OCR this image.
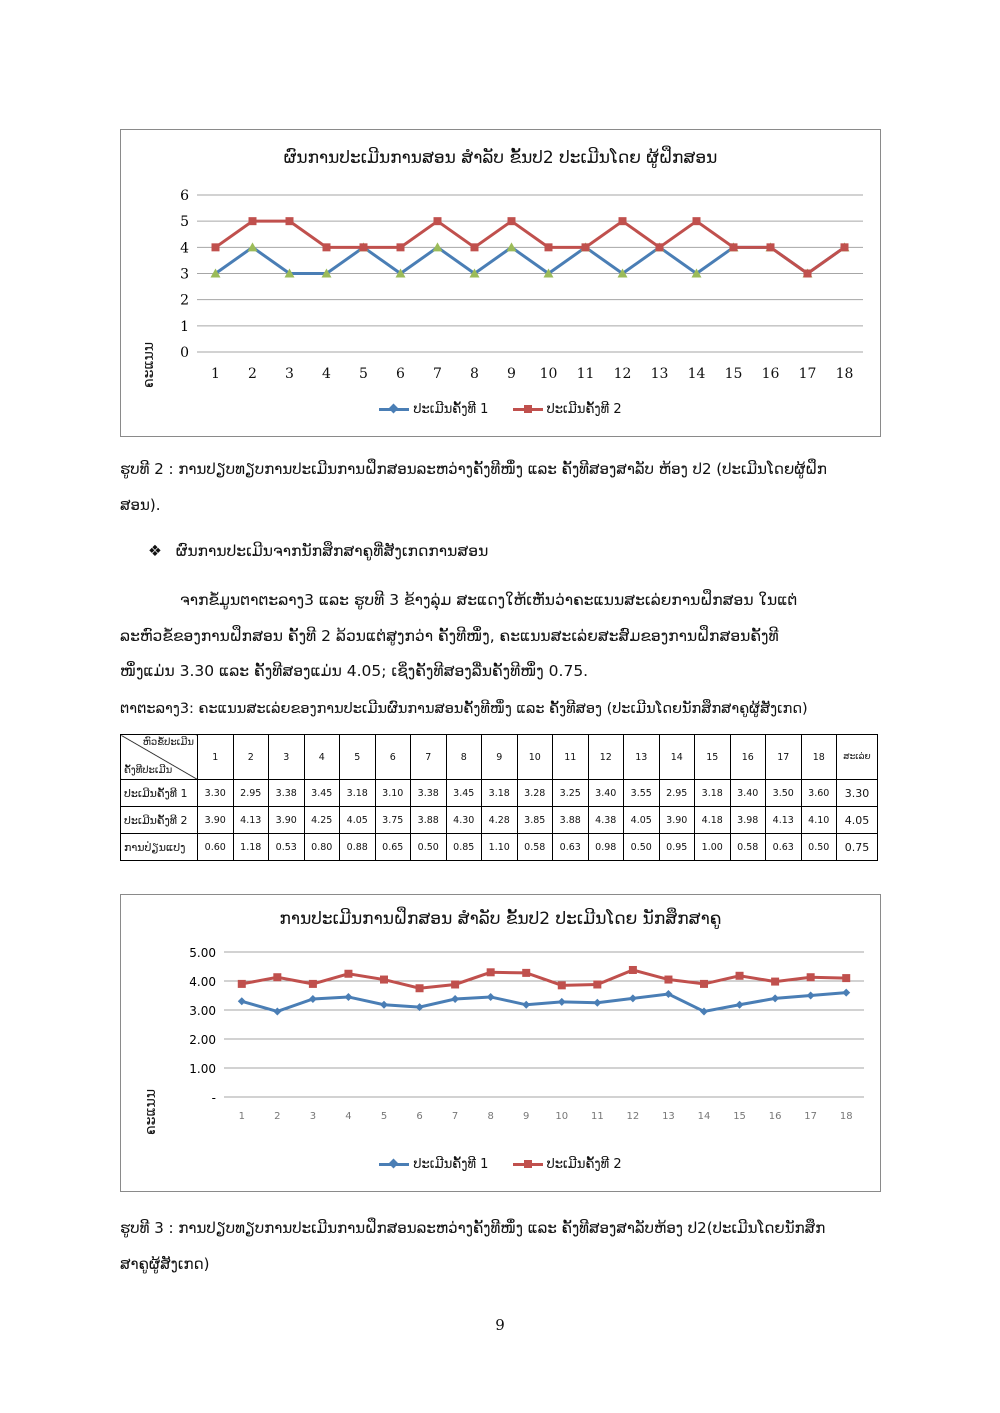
ຜົນການປະເມີນການສອນ ສຳລັບ ຂັ້ນປ2 ປະເມີນໂດຍ ຜູ້ຝຶກສອນ
0
1
2
3
4
5
6
1 2 3 4 5 6 7 8 9 10 11 12 13 14 15 16 17 18
ຄະແນນ
ປະເມີນຄັ້ງທີ 1
	ປະເມີນຄັ້ງທີ 2
ຮູບທີ 2 : ການປຽບທຽບການປະເມີນການຝຶກສອນລະຫວ່າງຄັ້ງທີໜຶ່ງ ແລະ ຄັ້ງທີສອງສາລັບ ຫ້ອງ ປ2 (ປະເມີນໂດຍຜູ້ຝຶກ
ສອນ).
❖ ຜົນການປະເມີນຈາກນັກສຶກສາຄູທີ່ສັງເກດການສອນ
ຈາກຂໍ້ມູນຕາຕະລາງ3 ແລະ ຮູບທີ 3 ຂ້າງລຸ່ມ ສະແດງໃຫ້ເຫັນວ່າຄະແນນສະເລ່ຍການຝຶກສອນ ໃນແຕ່
ລະຫົວຂໍ້ຂອງການຝຶກສອນ ຄັ້ງທີ 2 ລ້ວນແຕ່ສູງກວ່າ ຄັ້ງທີໜຶ່ງ, ຄະແນນສະເລ່ຍສະສົມຂອງການຝຶກສອນຄັ້ງທີ
ໜຶ່ງແມ່ນ 3.30 ແລະ ຄັ້ງທີສອງແມ່ນ 4.05; ເຊິ່ງຄັ້ງທີສອງລື່ນຄັ້ງທີໜຶ່ງ 0.75.
ຕາຕະລາງ3: ຄະແນນສະເລ່ຍຂອງການປະເມີນຜົນການສອນຄັ້ງທີໜຶ່ງ ແລະ ຄັ້ງທີສອງ (ປະເມີນໂດຍນັກສຶກສາຄູຜູ້ສັງເກດ)
ຫົວຂໍ້ປະເມີນ
ຄັ້ງທີປະເມີນ	1	2	3	4	5	6	7	8	9	10	11	12	13	14	15	16	17	18	ສະເລ່ຍ
ປະເມີນຄັ້ງທີ 1	3.30	2.95	3.38	3.45	3.18	3.10	3.38	3.45	3.18	3.28	3.25	3.40	3.55	2.95	3.18	3.40	3.50	3.60	3.30
ປະເມີນຄັ້ງທີ 2	3.90	4.13	3.90	4.25	4.05	3.75	3.88	4.30	4.28	3.85	3.88	4.38	4.05	3.90	4.18	3.98	4.13	4.10	4.05
ການປ່ຽນແປງ	0.60	1.18	0.53	0.80	0.88	0.65	0.50	0.85	1.10	0.58	0.63	0.98	0.50	0.95	1.00	0.58	0.63	0.50	0.75
ການປະເມີນການຝຶກສອນ ສຳລັບ ຂັ້ນປ2 ປະເມີນໂດຍ ນັກສຶກສາຄູ
-
1.00
2.00
3.00
4.00
5.00
1	2	3	4	5	6	7	8	9	10 11 12 13 14 15 16 17 18
ຄະແນນ
ປະເມີນຄັ້ງທີ 1
	ປະເມີນຄັ້ງທີ 2
ຮູບທີ 3 : ການປຽບທຽບການປະເມີນການຝຶກສອນລະຫວ່າງຄັ້ງທີໜຶ່ງ ແລະ ຄັ້ງທີສອງສາລັບຫ້ອງ ປ2(ປະເມີນໂດຍນັກສຶກ
ສາຄູຜູ້ສັງເກດ)
9
